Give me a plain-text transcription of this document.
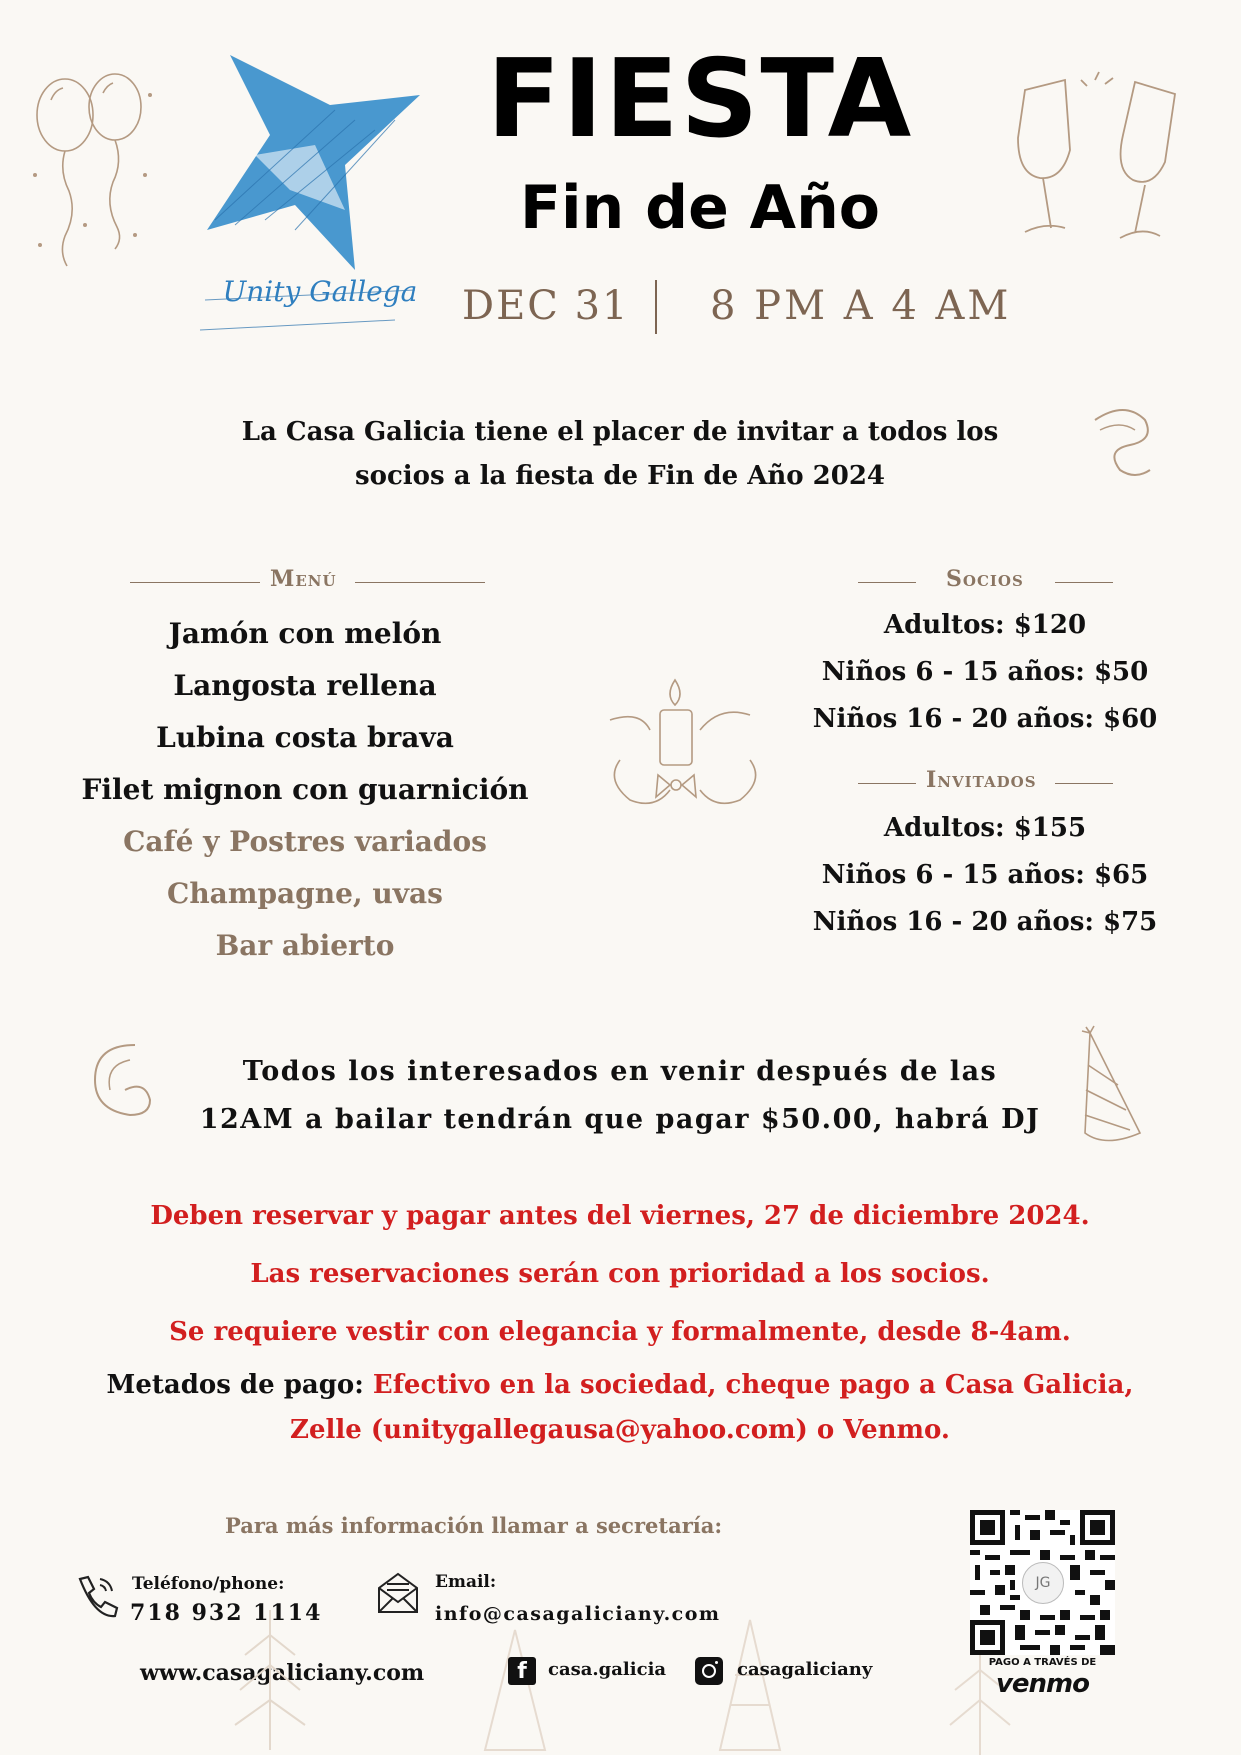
Unity Gallega
FIESTA
Fin de Año
DEC 31 8 PM A 4 AM
La Casa Galicia tiene el placer de invitar a todos los
socios a la fiesta de Fin de Año 2024
Menú
Jamón con melón
Langosta rellena
Lubina costa brava
Filet mignon con guarnición
Café y Postres variados
Champagne, uvas
Bar abierto
Socios
Adultos: $120
Niños 6 - 15 años: $50
Niños 16 - 20 años: $60
Invitados
Adultos: $155
Niños 6 - 15 años: $65
Niños 16 - 20 años: $75
Todos los interesados en venir después de las
12AM a bailar tendrán que pagar $50.00, habrá DJ
Deben reservar y pagar antes del viernes, 27 de diciembre 2024.
Las reservaciones serán con prioridad a los socios.
Se requiere vestir con elegancia y formalmente, desde 8-4am.
Metados de pago: Efectivo en la sociedad, cheque pago a Casa Galicia,
Zelle (unitygallegausa@yahoo.com) o Venmo.
Para más información llamar a secretaría:
Teléfono/phone:
718 932 1114
Email:
info@casagaliciany.com
www.casagaliciany.com	f	casa.galicia	casagaliciany
JG
PAGO A TRAVÉS DE
venmo
